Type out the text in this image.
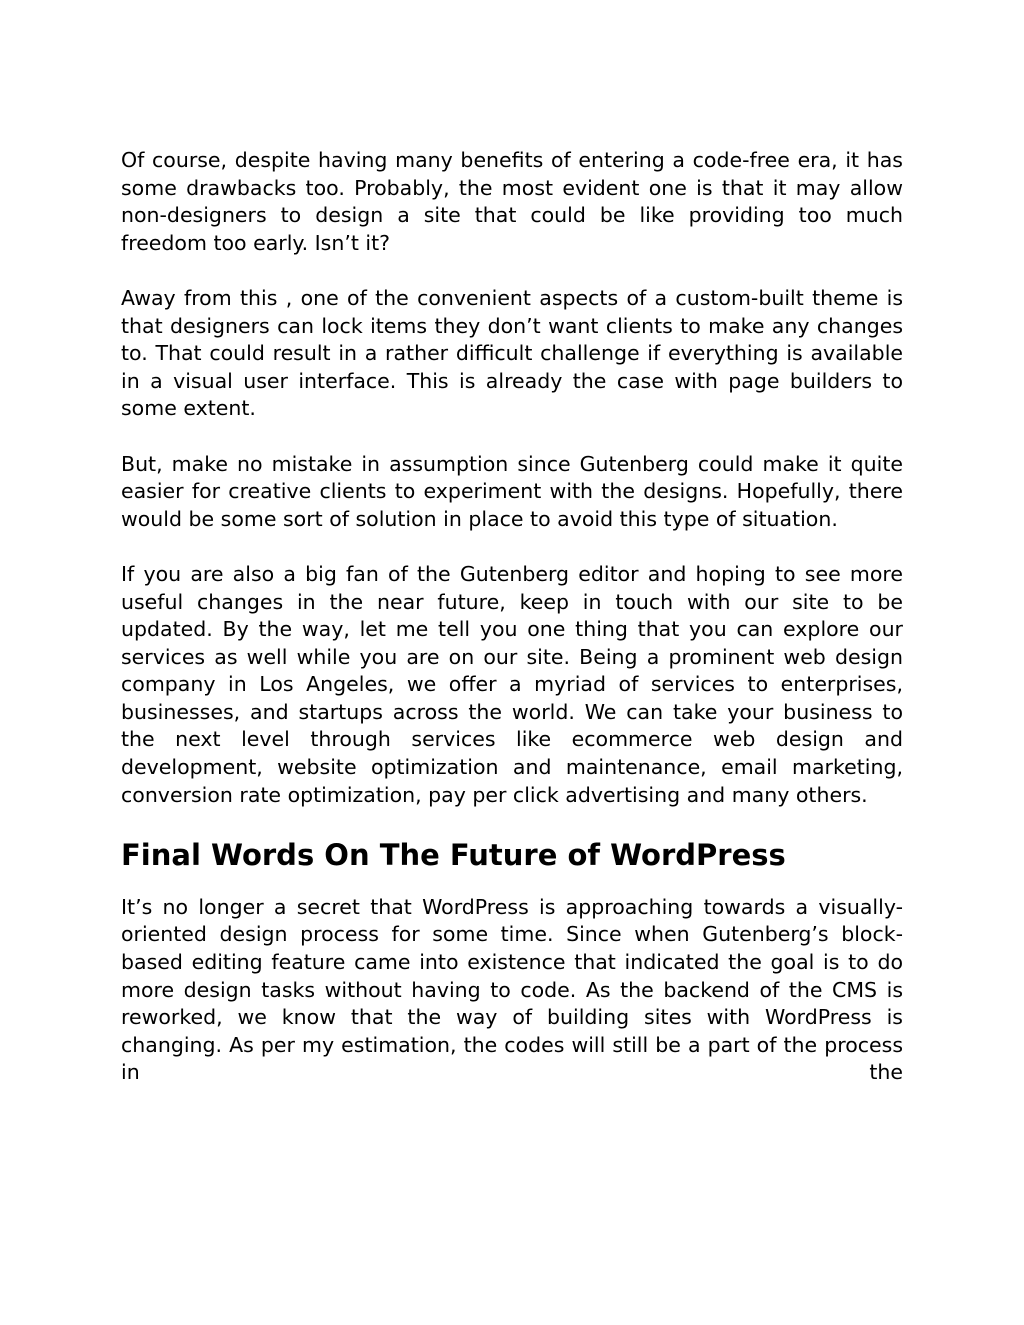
Of course, despite having many benefits of entering a code-free era, it has some drawbacks too. Probably, the most evident one is that it may allow non-designers to design a site that could be like providing too much freedom too early. Isn’t it?

Away from this , one of the convenient aspects of a custom-built theme is that designers can lock items they don’t want clients to make any changes to. That could result in a rather difficult challenge if everything is available in a visual user interface. This is already the case with page builders to some extent.

But, make no mistake in assumption since Gutenberg could make it quite easier for creative clients to experiment with the designs. Hopefully, there would be some sort of solution in place to avoid this type of situation.

If you are also a big fan of the Gutenberg editor and hoping to see more useful changes in the near future, keep in touch with our site to be updated. By the way, let me tell you one thing that you can explore our services as well while you are on our site. Being a prominent web design company in Los Angeles, we offer a myriad of services to enterprises, businesses, and startups across the world. We can take your business to the next level through services like ecommerce web design and development, website optimization and maintenance, email marketing, conversion rate optimization, pay per click advertising and many others.

Final Words On The Future of WordPress

It’s no longer a secret that WordPress is approaching towards a visually-oriented design process for some time. Since when Gutenberg’s block-based editing feature came into existence that indicated the goal is to do more design tasks without having to code. As the backend of the CMS is reworked, we know that the way of building sites with WordPress is changing. As per my estimation, the codes will still be a part of the process in the
